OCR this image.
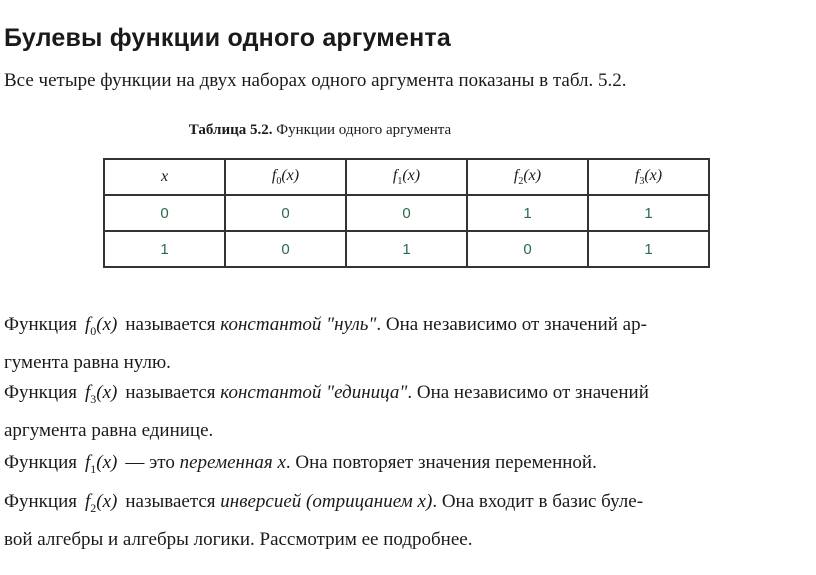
Булевы функции одного аргумента
Все четыре функции на двух наборах одного аргумента показаны в табл. 5.2.
Таблица 5.2. Функции одного аргумента
x	$f_0(x)$	$f_1(x)$	$f_2(x)$	$f_3(x)$
0	0	0	1	1
1	0	1	0	1
Функция $f_0(x)$ называется константой "нуль". Она независимо от значений ар-
гумента равна нулю.
Функция $f_3(x)$ называется константой "единица". Она независимо от значений
аргумента равна единице.
Функция $f_1(x)$ — это переменная x. Она повторяет значения переменной.
Функция $f_2(x)$ называется инверсией (отрицанием x). Она входит в базис буле-
вой алгебры и алгебры логики. Рассмотрим ее подробнее.
